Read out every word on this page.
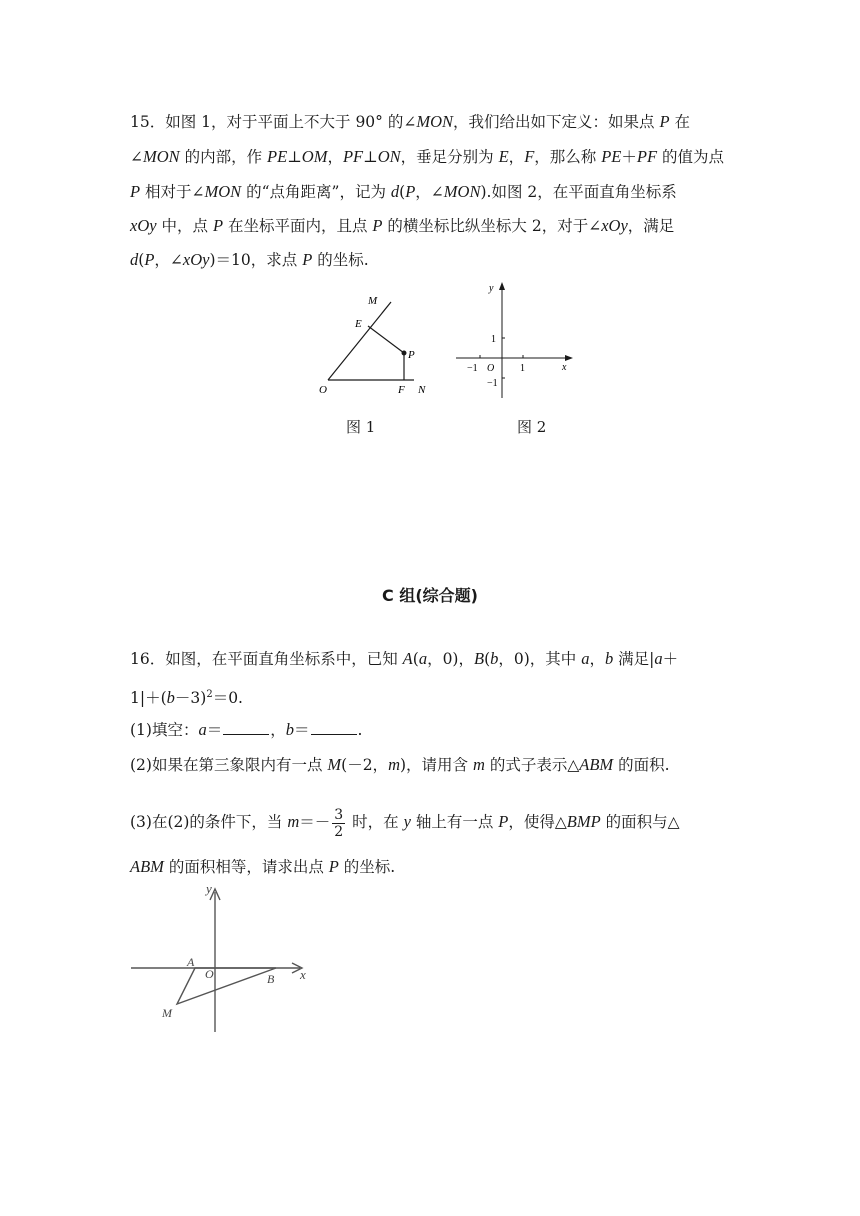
15．如图 1，对于平面上不大于 90° 的∠MON，我们给出如下定义：如果点 P 在
∠MON 的内部，作 PE⊥OM，PF⊥ON，垂足分别为 E，F，那么称 PE＋PF 的值为点
P 相对于∠MON 的“点角距离”，记为 d(P，∠MON).如图 2，在平面直角坐标系
xOy 中，点 P 在坐标平面内，且点 P 的横坐标比纵坐标大 2，对于∠xOy，满足
d(P，∠xOy)＝10，求点 P 的坐标.
M
E
P
O	F N
y
x
1
−1 O	1
−1
图 1	图 2
C 组(综合题)
16．如图，在平面直角坐标系中，已知 A(a，0)，B(b，0)，其中 a，b 满足|a＋
$1|+(b-3)^2=0$.
(1)填空：a＝	，b＝	.
(2)如果在第三象限内有一点 M(－2，m)，请用含 m 的式子表示△ABM 的面积.
(3)在(2)的条件下，当 $m=- \frac{3}{2}$ 时，在 y 轴上有一点 P，使得△BMP 的面积与△
ABM 的面积相等，请求出点 P 的坐标.
y
x
A
O	B
M
